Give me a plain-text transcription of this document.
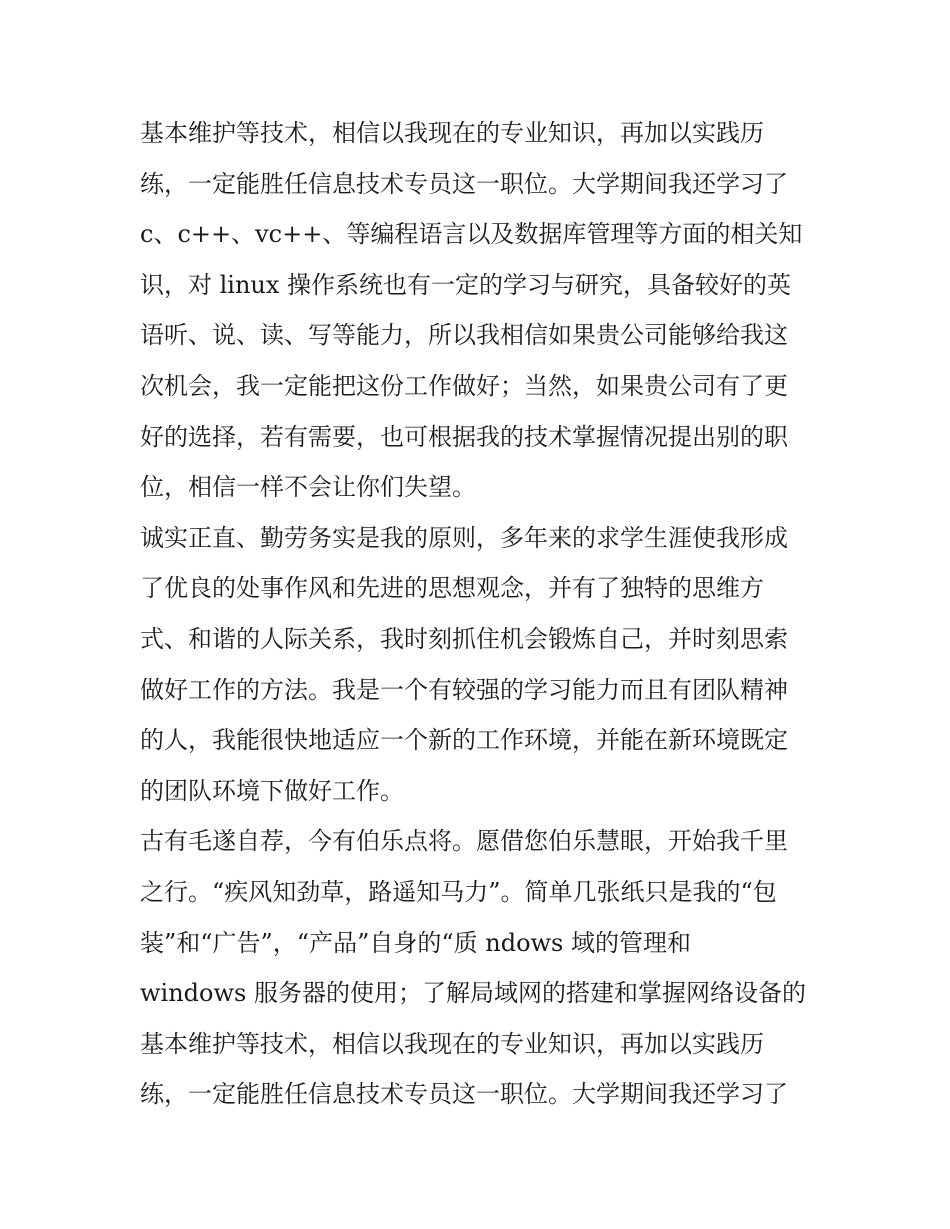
基本维护等技术，相信以我现在的专业知识，再加以实践历
练，一定能胜任信息技术专员这一职位。大学期间我还学习了
c、c++、vc++、等编程语言以及数据库管理等方面的相关知
识，对 linux 操作系统也有一定的学习与研究，具备较好的英
语听、说、读、写等能力，所以我相信如果贵公司能够给我这
次机会，我一定能把这份工作做好；当然，如果贵公司有了更
好的选择，若有需要，也可根据我的技术掌握情况提出别的职
位，相信一样不会让你们失望。
诚实正直、勤劳务实是我的原则，多年来的求学生涯使我形成
了优良的处事作风和先进的思想观念，并有了独特的思维方
式、和谐的人际关系，我时刻抓住机会锻炼自己，并时刻思索
做好工作的方法。我是一个有较强的学习能力而且有团队精神
的人，我能很快地适应一个新的工作环境，并能在新环境既定
的团队环境下做好工作。
古有毛遂自荐，今有伯乐点将。愿借您伯乐慧眼，开始我千里
之行。“疾风知劲草，路遥知马力”。简单几张纸只是我的“包
装”和“广告”，“产品”自身的“质 ndows 域的管理和
windows 服务器的使用；了解局域网的搭建和掌握网络设备的
基本维护等技术，相信以我现在的专业知识，再加以实践历
练，一定能胜任信息技术专员这一职位。大学期间我还学习了
